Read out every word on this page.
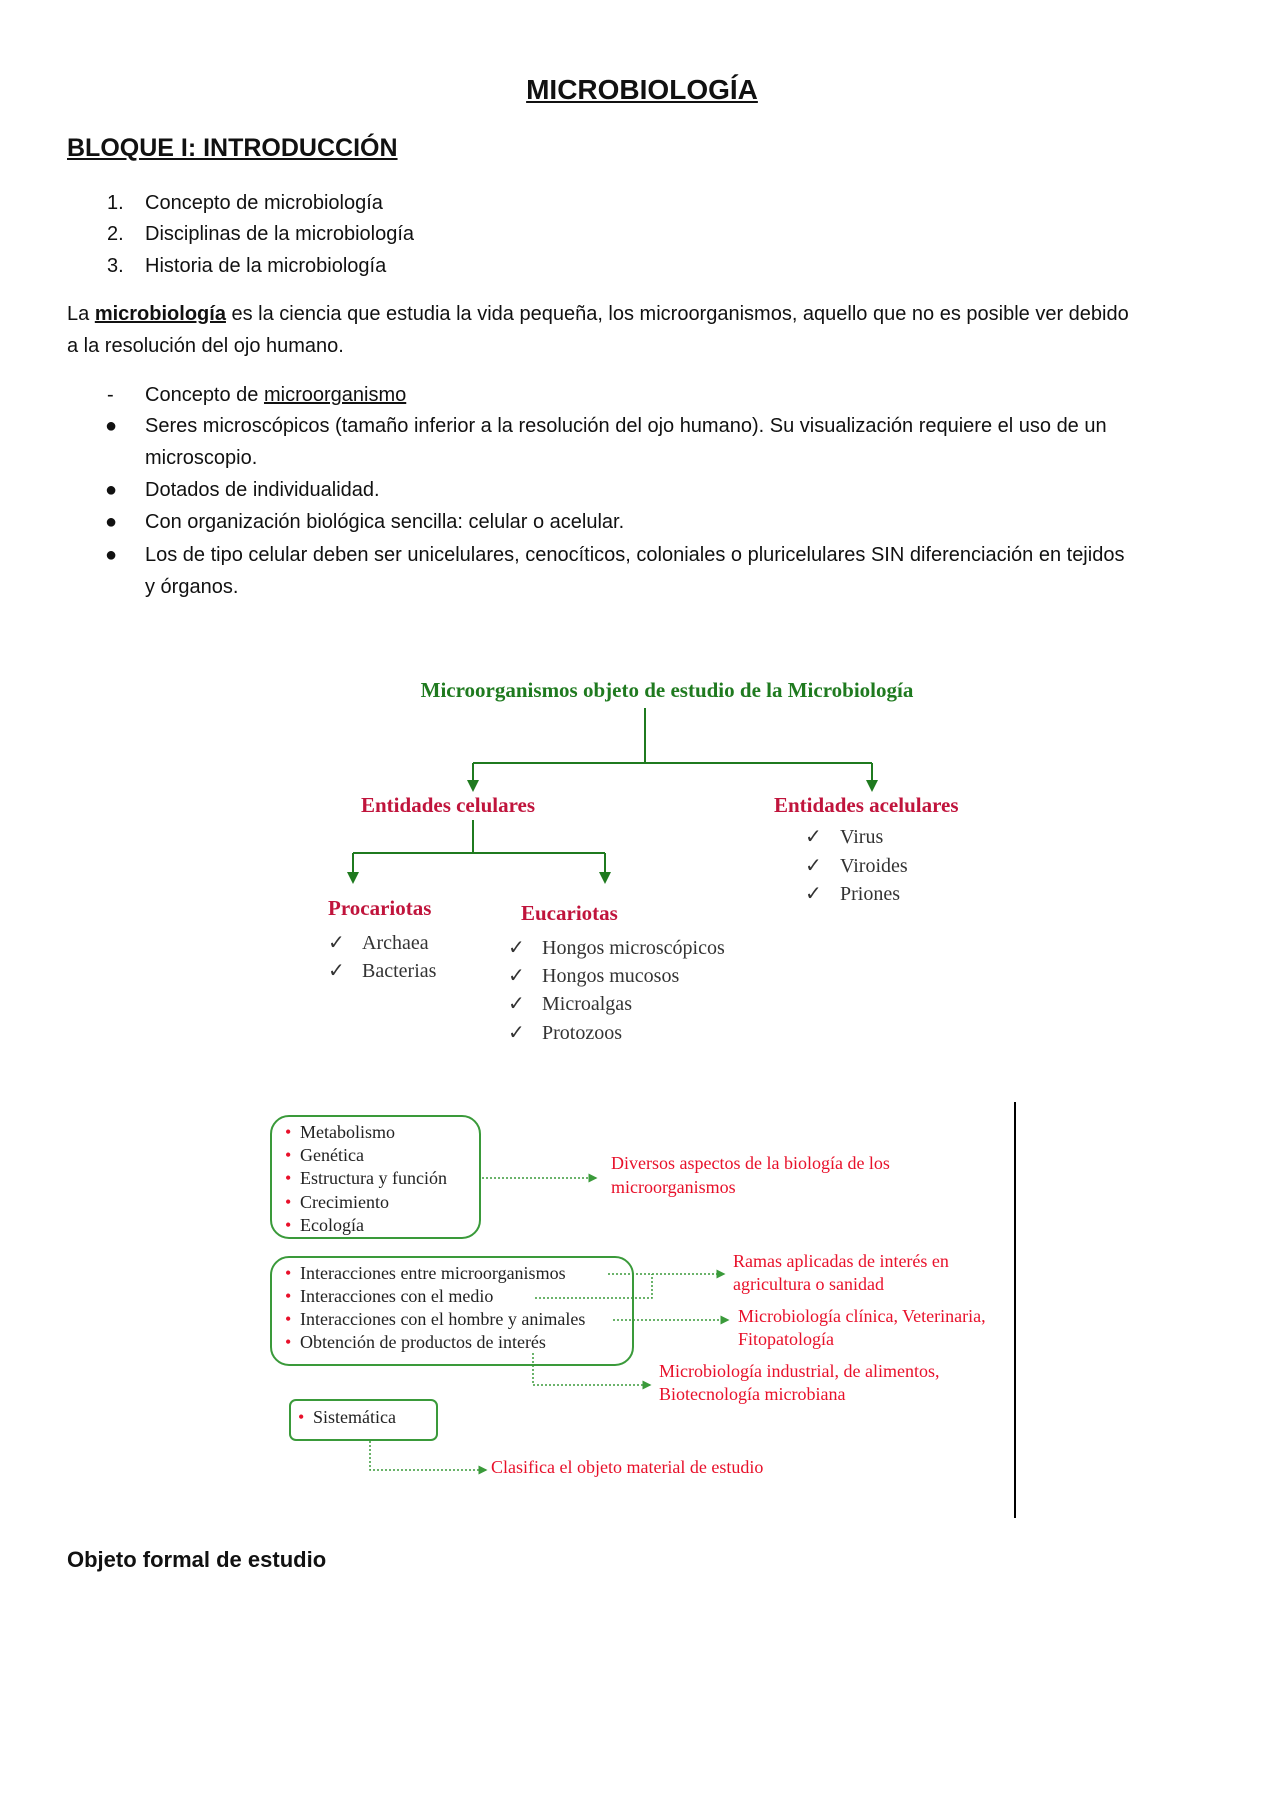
MICROBIOLOGÍA
BLOQUE I: INTRODUCCIÓN
1. Concepto de microbiología
2. Disciplinas de la microbiología
3. Historia de la microbiología
La microbiología es la ciencia que estudia la vida pequeña, los microorganismos, aquello que no es posible ver debido
a la resolución del ojo humano.
- Concepto de microorganismo
● Seres microscópicos (tamaño inferior a la resolución del ojo humano). Su visualización requiere el uso de un
microscopio.
● Dotados de individualidad.
● Con organización biológica sencilla: celular o acelular.
● Los de tipo celular deben ser unicelulares, cenocíticos, coloniales o pluricelulares SIN diferenciación en tejidos
y órganos.
Microorganismos objeto de estudio de la Microbiología
Entidades celulares	Entidades acelulares
✓ Virus
✓ Viroides
✓ Priones
Procariotas	Eucariotas
✓ Archaea
✓ Bacterias
✓ Hongos microscópicos
✓ Hongos mucosos
✓ Microalgas
✓ Protozoos
• Metabolismo
• Genética
• Estructura y función
• Crecimiento
• Ecología
• Interacciones entre microorganismos
• Interacciones con el medio
• Interacciones con el hombre y animales
• Obtención de productos de interés
• Sistemática
Diversos aspectos de la biología de los
microorganismos
Ramas aplicadas de interés en
agricultura o sanidad
Microbiología clínica, Veterinaria,
Fitopatología
Microbiología industrial, de alimentos,
Biotecnología microbiana
Clasifica el objeto material de estudio
Objeto formal de estudio
